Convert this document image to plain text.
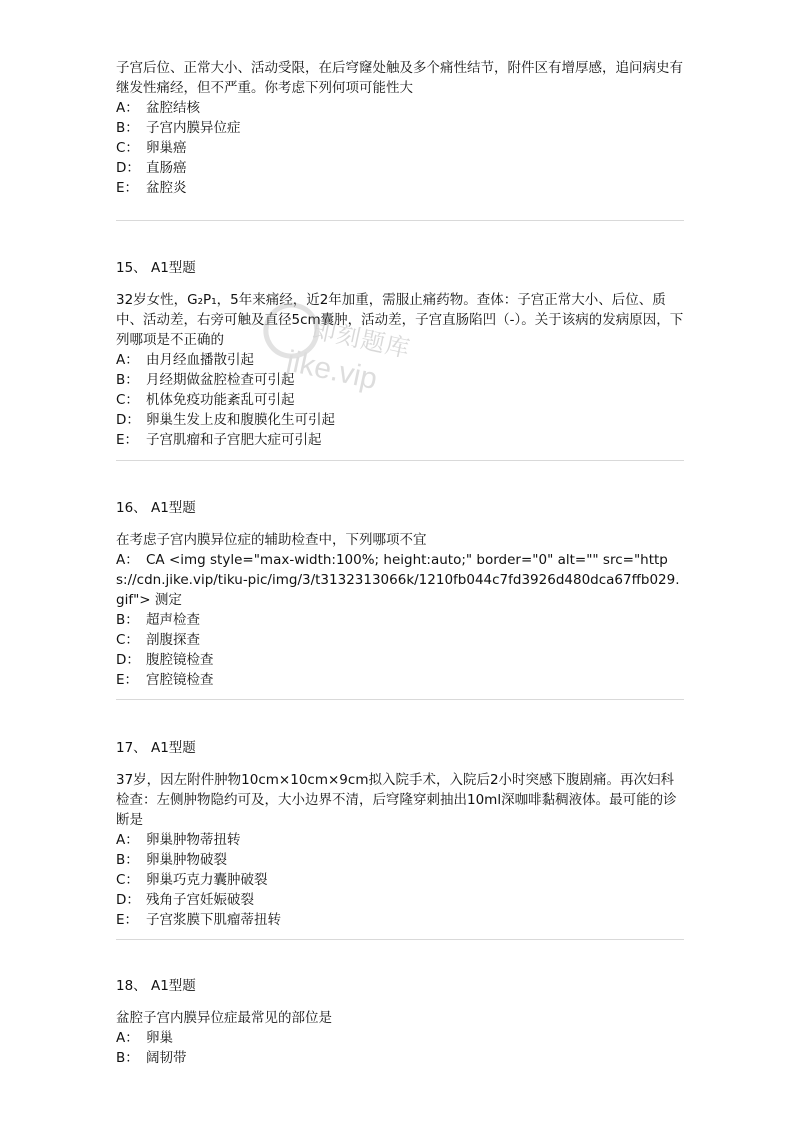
子宫后位、正常大小、活动受限，在后穹窿处触及多个痛性结节，附件区有增厚感，追问病史有继发性痛经，但不严重。你考虑下列何项可能性大
A： 盆腔结核
B： 子宫内膜异位症
C： 卵巢癌
D： 直肠癌
E： 盆腔炎
15、 A1型题
32岁女性，G₂P₁，5年来痛经，近2年加重，需服止痛药物。查体：子宫正常大小、后位、质中、活动差，右旁可触及直径5cm囊肿，活动差，子宫直肠陷凹（-）。关于该病的发病原因，下列哪项是不正确的
A： 由月经血播散引起
B： 月经期做盆腔检查可引起
C： 机体免疫功能紊乱可引起
D： 卵巢生发上皮和腹膜化生可引起
E： 子宫肌瘤和子宫肥大症可引起
16、 A1型题
在考虑子宫内膜异位症的辅助检查中，下列哪项不宜
A： CA <img style="max-width:100%; height:auto;" border="0" alt="" src="https://cdn.jike.vip/tiku-pic/img/3/t3132313066k/1210fb044c7fd3926d480dca67ffb029.gif"> 测定
B： 超声检查
C： 剖腹探查
D： 腹腔镜检查
E： 宫腔镜检查
17、 A1型题
37岁，因左附件肿物10cm×10cm×9cm拟入院手术，入院后2小时突感下腹剧痛。再次妇科检查：左侧肿物隐约可及，大小边界不清，后穹隆穿刺抽出10ml深咖啡黏稠液体。最可能的诊断是
A： 卵巢肿物蒂扭转
B： 卵巢肿物破裂
C： 卵巢巧克力囊肿破裂
D： 残角子宫妊娠破裂
E： 子宫浆膜下肌瘤蒂扭转
18、 A1型题
盆腔子宫内膜异位症最常见的部位是
A： 卵巢
B： 阔韧带
即刻题库
jike.vip
